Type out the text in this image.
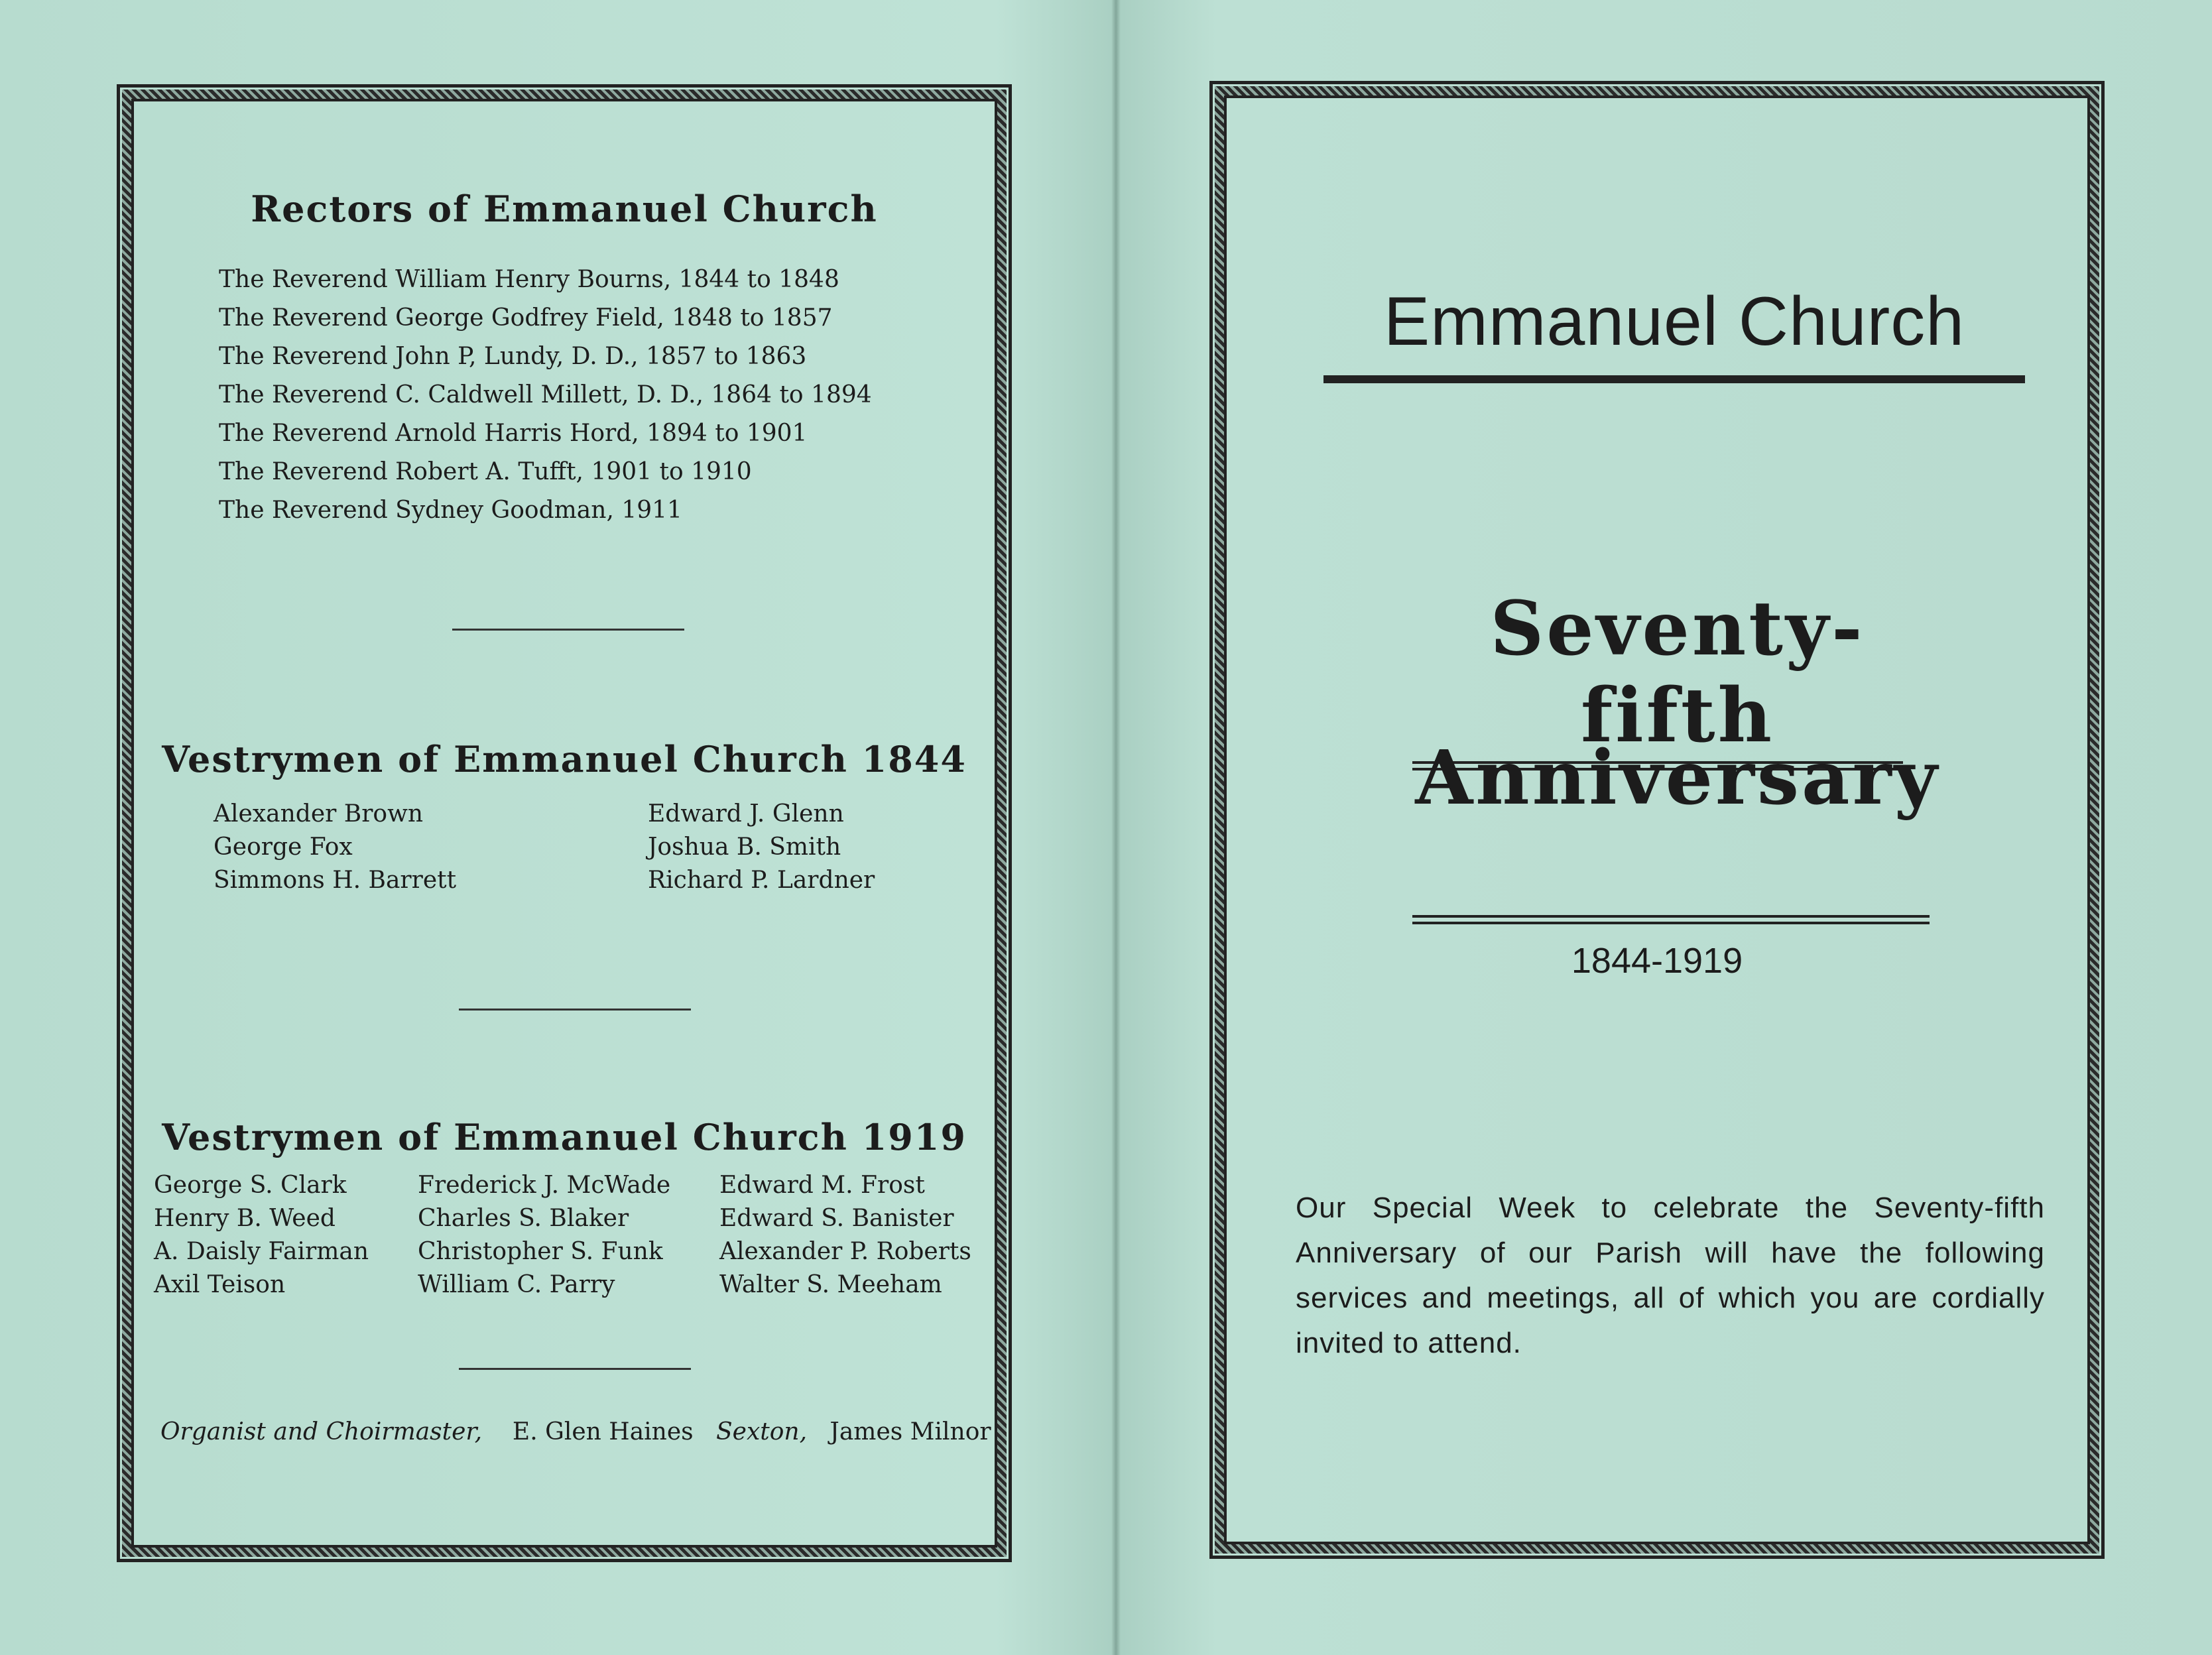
Rectors of Emmanuel Church
The Reverend William Henry Bourns, 1844 to 1848
The Reverend George Godfrey Field, 1848 to 1857
The Reverend John P, Lundy, D. D., 1857 to 1863
The Reverend C. Caldwell Millett, D. D., 1864 to 1894
The Reverend Arnold Harris Hord, 1894 to 1901
The Reverend Robert A. Tufft, 1901 to 1910
The Reverend Sydney Goodman, 1911
Vestrymen of Emmanuel Church 1844
Alexander Brown	Edward J. Glenn
George Fox	Joshua B. Smith
Simmons H. Barrett	Richard P. Lardner
Vestrymen of Emmanuel Church 1919
George S. Clark	Frederick J. McWade	Edward M. Frost
Henry B. Weed	Charles S. Blaker	Edward S. Banister
A. Daisly Fairman	Christopher S. Funk	Alexander P. Roberts
Axil Teison	William C. Parry	Walter S. Meeham
Organist and Choirmaster, E. Glen Haines Sexton, James Milnor
Emmanuel Church
Seventy-fifth
Anniversary
1844-1919

Our Special Week to celebrate the Seventy-fifth Anniversary of our Parish will have the following services and meetings, all of which you are cordially invited to attend.
